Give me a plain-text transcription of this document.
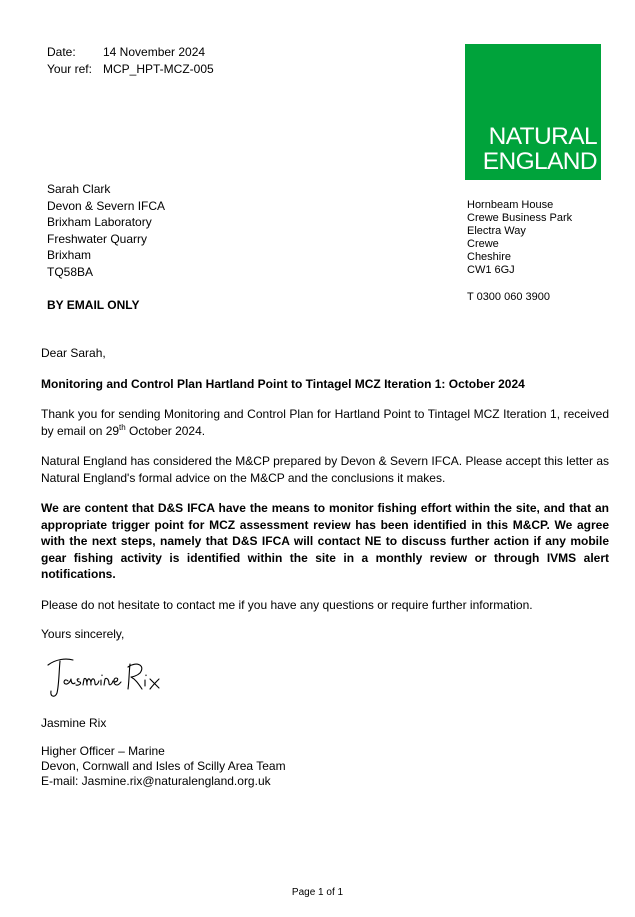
Date:	14 November 2024
Your ref: MCP_HPT-MCZ-005
NATURAL
ENGLAND
Sarah Clark
Devon & Severn IFCA
Brixham Laboratory
Freshwater Quarry
Brixham
TQ58BA
Hornbeam House
Crewe Business Park
Electra Way
Crewe
Cheshire
CW1 6GJ
T 0300 060 3900
BY EMAIL ONLY

Dear Sarah,

Monitoring and Control Plan Hartland Point to Tintagel MCZ Iteration 1: October 2024

Thank you for sending Monitoring and Control Plan for Hartland Point to Tintagel MCZ Iteration 1, received by email on 29th October 2024.

Natural England has considered the M&CP prepared by Devon & Severn IFCA. Please accept this letter as Natural England's formal advice on the M&CP and the conclusions it makes.

We are content that D&S IFCA have the means to monitor fishing effort within the site, and that an appropriate trigger point for MCZ assessment review has been identified in this M&CP. We agree with the next steps, namely that D&S IFCA will contact NE to discuss further action if any mobile gear fishing activity is identified within the site in a monthly review or through IVMS alert notifications.

Please do not hesitate to contact me if you have any questions or require further information.

Yours sincerely,

Jasmine Rix
Higher Officer – Marine
Devon, Cornwall and Isles of Scilly Area Team
E-mail: Jasmine.rix@naturalengland.org.uk
Page 1 of 1
